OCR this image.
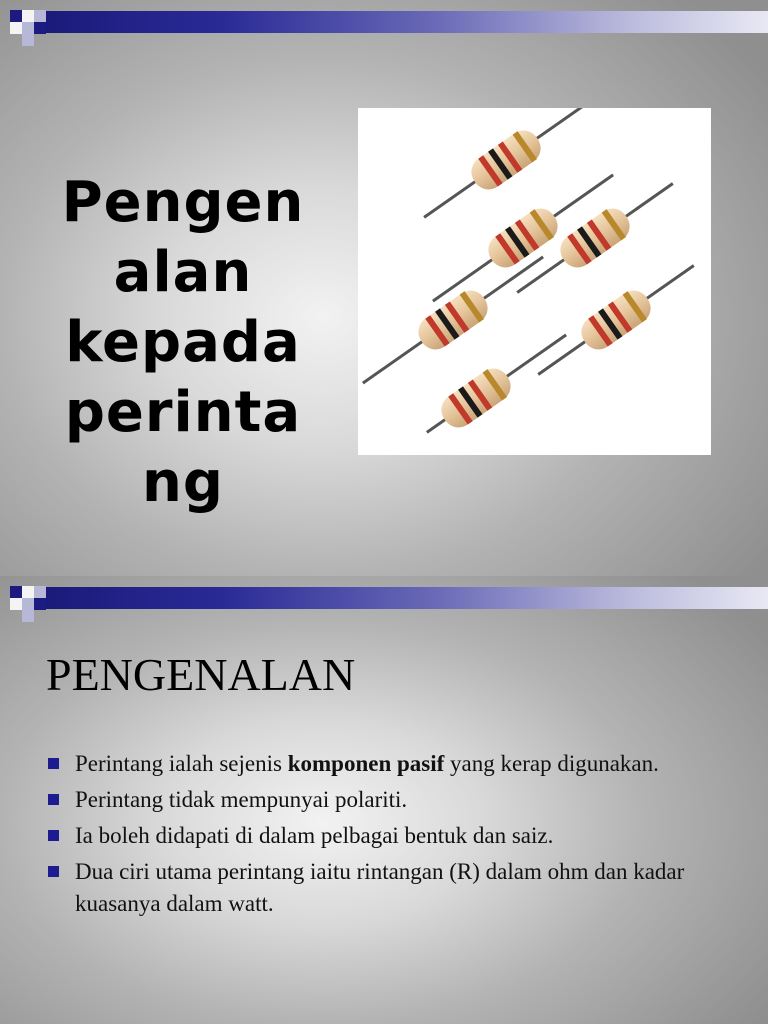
Pengen
alan
kepada
perinta
ng
PENGENALAN
Perintang ialah sejenis komponen pasif yang kerap digunakan.
Perintang tidak mempunyai polariti.
Ia boleh didapati di dalam pelbagai bentuk dan saiz.
Dua ciri utama perintang iaitu rintangan (R) dalam ohm dan kadar kuasanya dalam watt.
